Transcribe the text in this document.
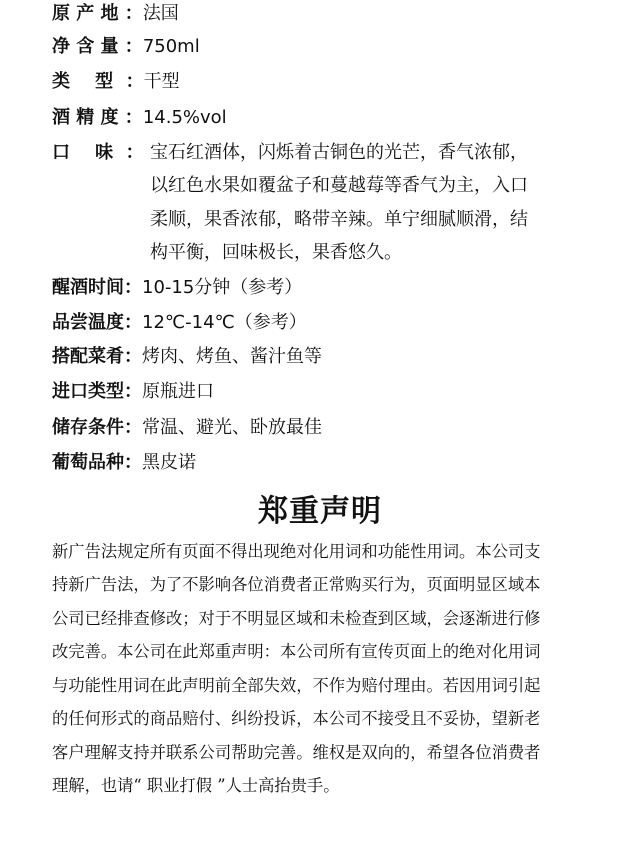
原 产 地 ： 法国
净 含 量 ： 750ml
类    型  ： 干型
酒 精 度 ： 14.5%vol
口    味  ： 宝石红酒体，闪烁着古铜色的光芒，香气浓郁，
以红色水果如覆盆子和蔓越莓等香气为主，入口
柔顺，果香浓郁，略带辛辣。单宁细腻顺滑，结
构平衡，回味极长，果香悠久。
醒酒时间： 10-15分钟（参考）
品尝温度： 12℃-14℃（参考）
搭配菜肴： 烤肉、烤鱼、酱汁鱼等
进口类型： 原瓶进口
储存条件： 常温、避光、卧放最佳
葡萄品种： 黑皮诺
郑重声明
新广告法规定所有页面不得出现绝对化用词和功能性用词。本公司支
持新广告法，为了不影响各位消费者正常购买行为，页面明显区域本
公司已经排查修改；对于不明显区域和未检查到区域，会逐渐进行修
改完善。本公司在此郑重声明：本公司所有宣传页面上的绝对化用词
与功能性用词在此声明前全部失效，不作为赔付理由。若因用词引起
的任何形式的商品赔付、纠纷投诉，本公司不接受且不妥协，望新老
客户理解支持并联系公司帮助完善。维权是双向的，希望各位消费者
理解，也请“ 职业打假 ”人士高抬贵手。
